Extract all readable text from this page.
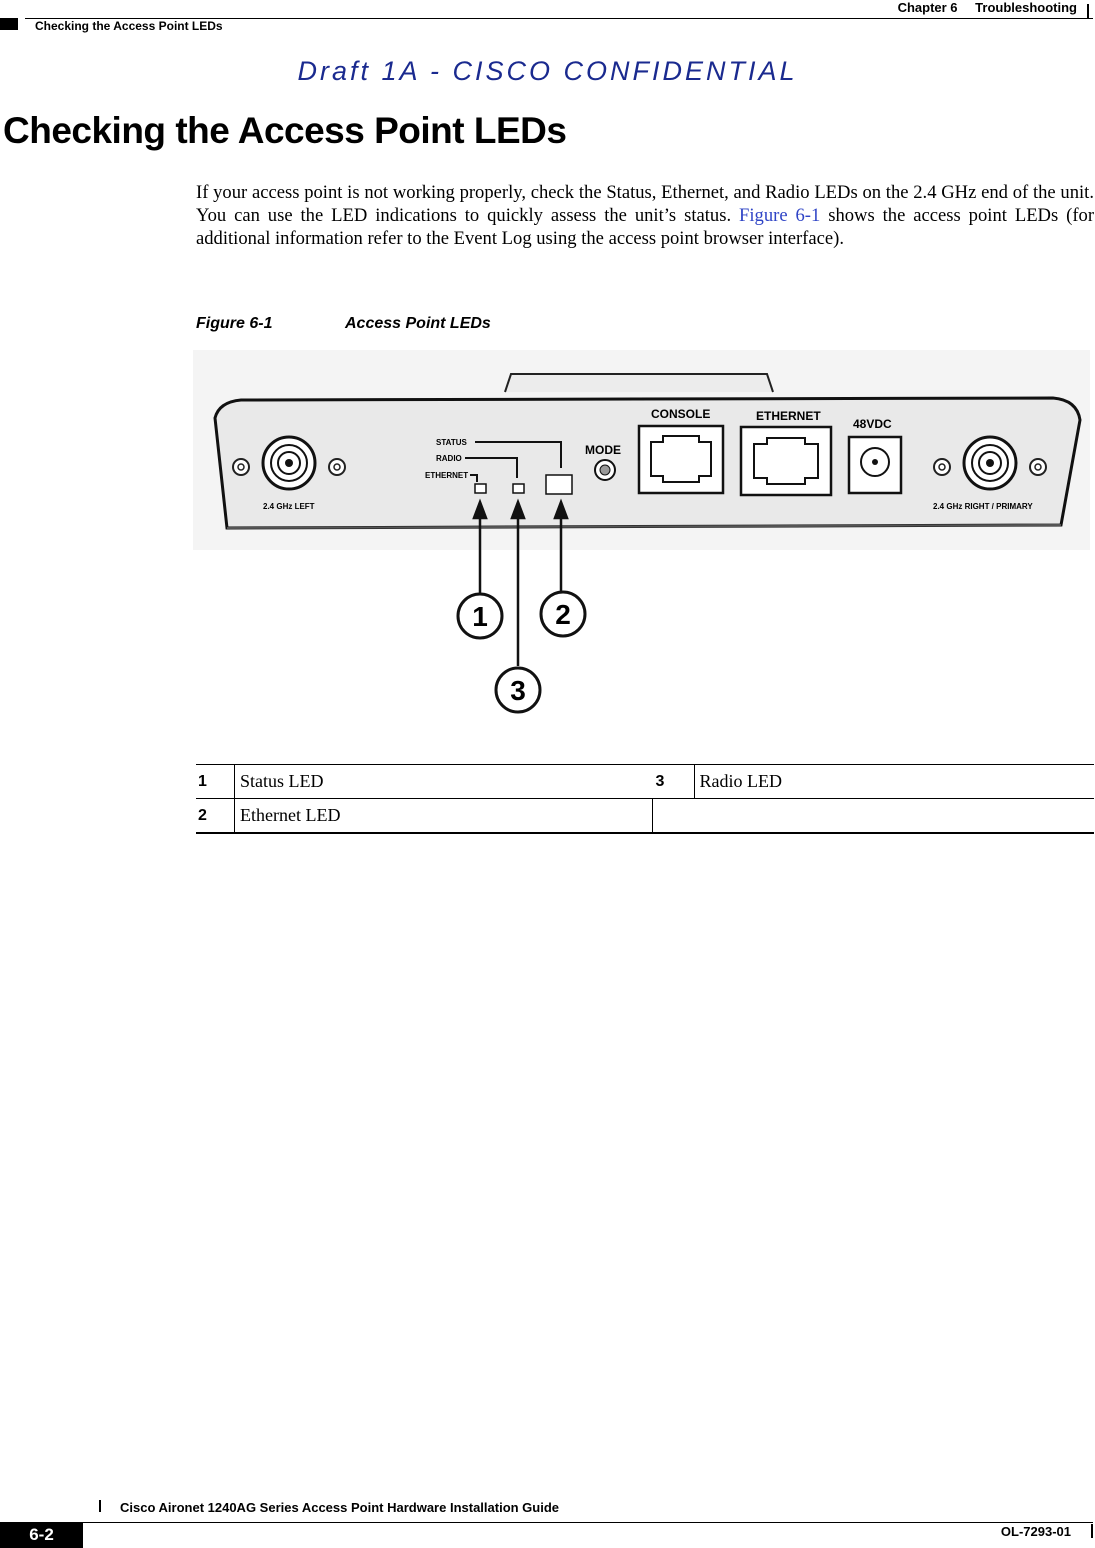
Chapter 6 Troubleshooting
Checking the Access Point LEDs
Draft 1A - CISCO CONFIDENTIAL
Checking the Access Point LEDs

If your access point is not working properly, check the Status, Ethernet, and Radio LEDs on the 2.4 GHz end of the unit. You can use the LED indications to quickly assess the unit’s status. Figure 6-1 shows the access point LEDs (for additional information refer to the Event Log using the access point browser interface).

Figure 6-1	Access Point LEDs
2.4 GHz LEFT
STATUS
RADIO
ETHERNET
MODE
CONSOLE	ETHERNET
48VDC
2.4 GHz RIGHT / PRIMARY
1 2
3
1	Status LED	3	Radio LED
2	Ethernet LED		
Cisco Aironet 1240AG Series Access Point Hardware Installation Guide
6-2	OL-7293-01
